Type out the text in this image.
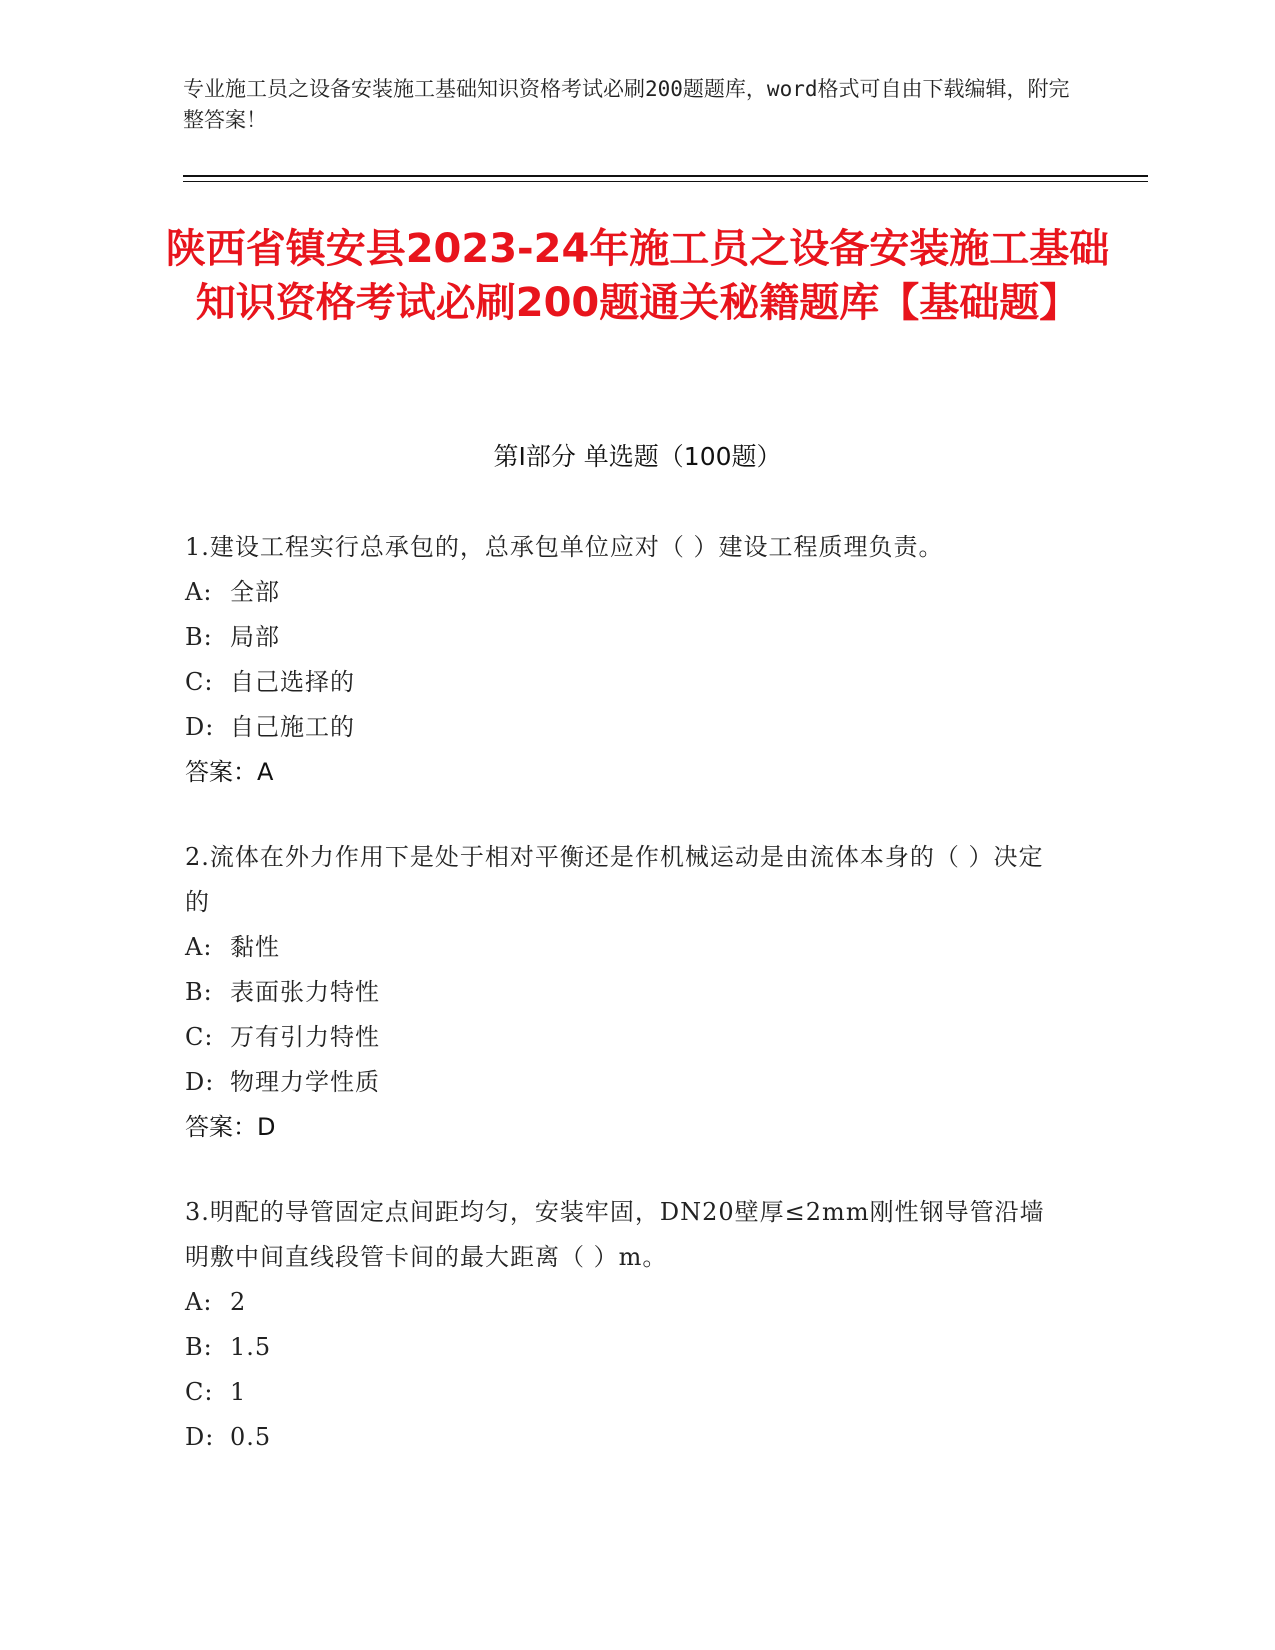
专业施工员之设备安装施工基础知识资格考试必刷200题题库，word格式可自由下载编辑，附完整答案！
陕西省镇安县2023-24年施工员之设备安装施工基础知识资格考试必刷200题通关秘籍题库【基础题】
第Ⅰ部分 单选题（100题）
1.建设工程实行总承包的，总承包单位应对（ ）建设工程质理负责。
A: 全部
B: 局部
C: 自己选择的
D: 自己施工的
答案：A
2.流体在外力作用下是处于相对平衡还是作机械运动是由流体本身的（ ）决定的
A: 黏性
B: 表面张力特性
C: 万有引力特性
D: 物理力学性质
答案：D
3.明配的导管固定点间距均匀，安装牢固，DN20壁厚≤2mm刚性钢导管沿墙明敷中间直线段管卡间的最大距离（ ）m。
A: 2
B: 1.5
C: 1
D: 0.5
